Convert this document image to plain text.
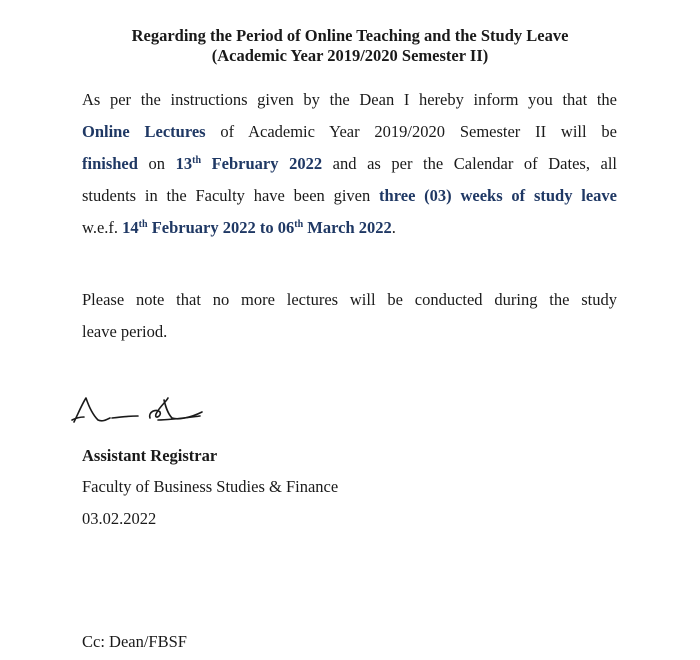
Regarding the Period of Online Teaching and the Study Leave

(Academic Year 2019/2020 Semester II)

As per the instructions given by the Dean I hereby inform you that the
Online Lectures of Academic Year 2019/2020 Semester II will be
finished on 13th February 2022 and as per the Calendar of Dates, all
students in the Faculty have been given three (03) weeks of study leave
w.e.f. 14th February 2022 to 06th March 2022.
Please note that no more lectures will be conducted during the study
leave period.

Assistant Registrar

Faculty of Business Studies & Finance

03.02.2022

Cc: Dean/FBSF
